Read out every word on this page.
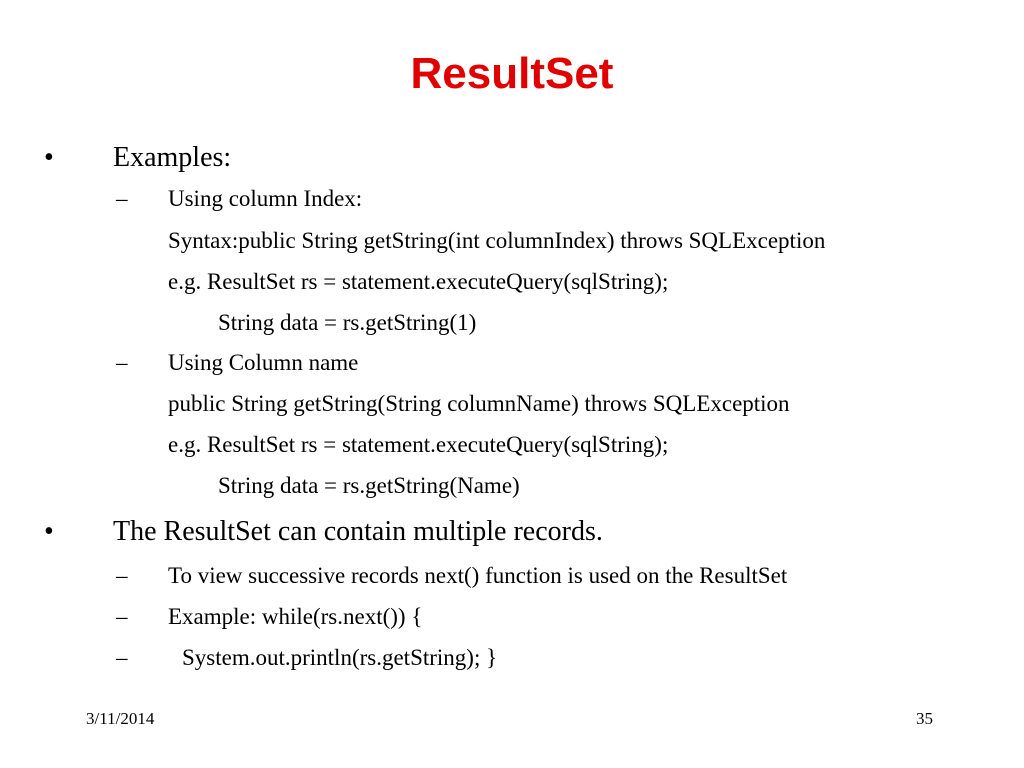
ResultSet
• Examples:
– Using column Index:
Syntax:public String getString(int columnIndex) throws SQLException
e.g. ResultSet rs = statement.executeQuery(sqlString);
String data = rs.getString(1)
– Using Column name
public String getString(String columnName) throws SQLException
e.g. ResultSet rs = statement.executeQuery(sqlString);
String data = rs.getString(Name)
• The ResultSet can contain multiple records.
– To view successive records next() function is used on the ResultSet
– Example: while(rs.next()) {
– System.out.println(rs.getString); }
3/11/2014	35
